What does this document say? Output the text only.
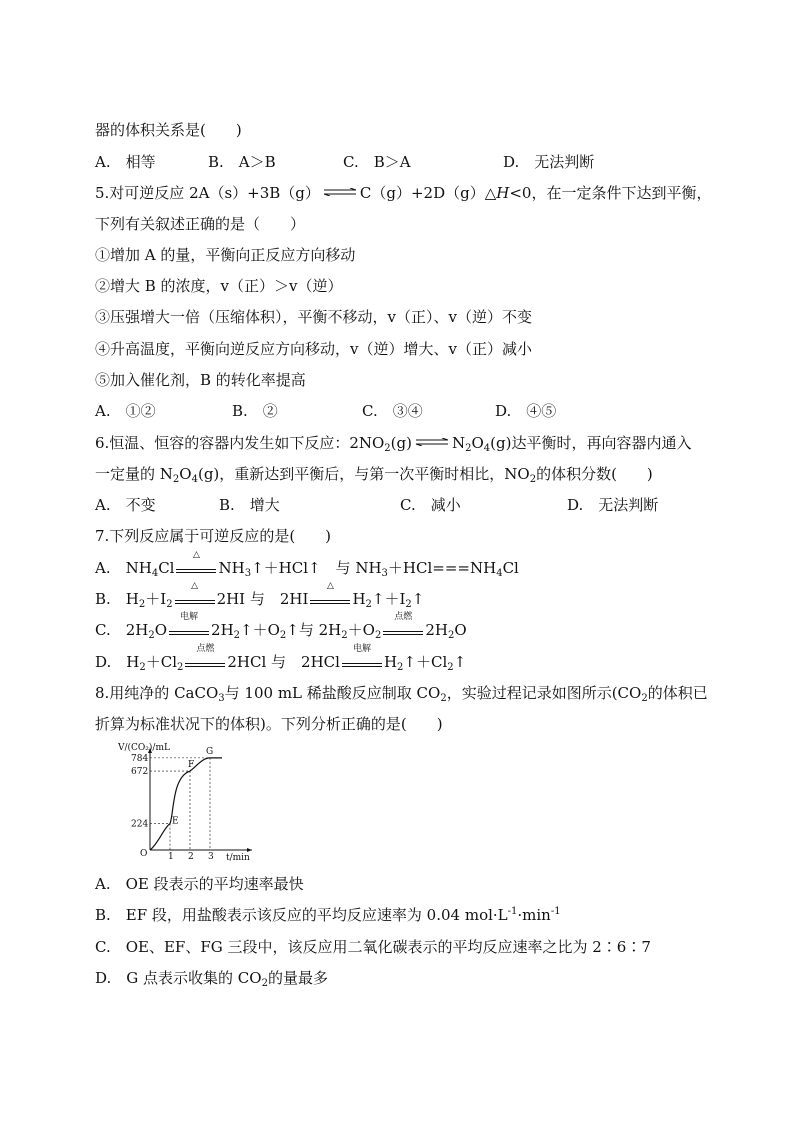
器的体积关系是(　　)
A.　相等	B.　A＞B	C.　B＞A	D.　无法判断
5.对可逆反应 2A（s）+3B（g） ⇌ C（g）+2D（g）△H<0，在一定条件下达到平衡，
下列有关叙述正确的是（　　）
①增加 A 的量，平衡向正反应方向移动
②增大 B 的浓度，v（正）＞v（逆）
③压强增大一倍（压缩体积），平衡不移动，v（正）、v（逆）不变
④升高温度，平衡向逆反应方向移动，v（逆）增大、v（正）减小
⑤加入催化剂，B 的转化率提高
A.　①②	B.　②	C.　③④	D.　④⑤
6.恒温、恒容的容器内发生如下反应：$2NO_2(g)$ ⇌ $N_2O_4(g)$达平衡时，再向容器内通入
一定量的 $N_2O_4(g)$，重新达到平衡后，与第一次平衡时相比，$NO_2$的体积分数(　　)
A.　不变	B.　增大	C.　减小	D.　无法判断
7.下列反应属于可逆反应的是(　　)
A.　$NH_4Cl$
△
$NH_3↑+HCl↑$　与 $NH_3+HCl===NH_4Cl$
B.　$H_2+I_2$
△
2HI 与　2HI
△
$H_2↑+I_2↑$
C.　$2H_2O$
电解
$2H_2↑+O_2↑$与 $2H_2+O_2$
点燃
$2H_2O$
D.　$H_2+Cl_2$
点燃
2HCl 与　2HCl
电解
$H_2↑+Cl_2↑$
8.用纯净的 CaCO$_3$与 100 mL 稀盐酸反应制取 $CO_2$，实验过程记录如图所示($CO_2$的体积已
折算为标准状况下的体积)。下列分析正确的是(　　)
V/(CO₂)/mL
t/min
O 1 2 3
224
672
784
E
F
G
A.　OE 段表示的平均速率最快
B.　EF 段，用盐酸表示该反应的平均反应速率为 0.04 $mol\cdot L^{-1}\cdot\min^{-1}$
C.　OE、EF、FG 三段中，该反应用二氧化碳表示的平均反应速率之比为 2∶6∶7
D.　G 点表示收集的 $CO_2$的量最多
